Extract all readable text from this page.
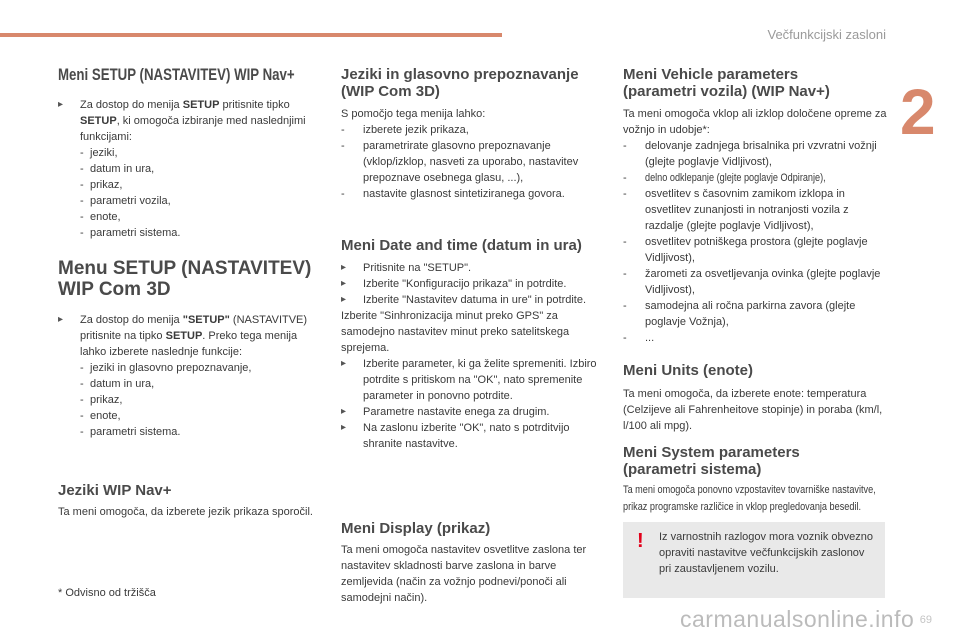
Večfunkcijski zasloni
2
Meni SETUP (NASTAVITEV) WIP Nav+
▸ Za dostop do menija SETUP pritisnite tipko SETUP, ki omogoča izbiranje med naslednjimi funkcijami:
- jeziki,
- datum in ura,
- prikaz,
- parametri vozila,
- enote,
- parametri sistema.
Menu SETUP (NASTAVITEV)
WIP Com 3D
▸ Za dostop do menija "SETUP" (NASTAVITVE) pritisnite na tipko SETUP. Preko tega menija lahko izberete naslednje funkcije:
- jeziki in glasovno prepoznavanje,
- datum in ura,
- prikaz,
- enote,
- parametri sistema.
Jeziki WIP Nav+

Ta meni omogoča, da izberete jezik prikaza sporočil.

* Odvisno od tržišča
Jeziki in glasovno prepoznavanje
(WIP Com 3D)

S pomočjo tega menija lahko:

- izberete jezik prikaza,
- parametrirate glasovno prepoznavanje (vklop/izklop, nasveti za uporabo, nastavitev prepoznave osebnega glasu, ...),
- nastavite glasnost sintetiziranega govora.
Meni Date and time (datum in ura)
▸ Pritisnite na "SETUP".
▸ Izberite "Konfiguracijo prikaza" in potrdite.
▸ Izberite "Nastavitev datuma in ure" in potrdite.

Izberite "Sinhronizacija minut preko GPS" za samodejno nastavitev minut preko satelitskega sprejema.

▸ Izberite parameter, ki ga želite spremeniti. Izbiro potrdite s pritiskom na "OK", nato spremenite parameter in ponovno potrdite.
▸ Parametre nastavite enega za drugim.
▸ Na zaslonu izberite "OK", nato s potrditvijo shranite nastavitve.
Meni Display (prikaz)

Ta meni omogoča nastavitev osvetlitve zaslona ter nastavitev skladnosti barve zaslona in barve zemljevida (način za vožnjo podnevi/ponoči ali samodejni način).

Meni Vehicle parameters
(parametri vozila) (WIP Nav+)

Ta meni omogoča vklop ali izklop določene opreme za vožnjo in udobje*:

- delovanje zadnjega brisalnika pri vzvratni vožnji (glejte poglavje Vidljivost),
- delno odklepanje (glejte poglavje Odpiranje),
- osvetlitev s časovnim zamikom izklopa in osvetlitev zunanjosti in notranjosti vozila z razdalje (glejte poglavje Vidljivost),
- osvetlitev potniškega prostora (glejte poglavje Vidljivost),
- žarometi za osvetljevanja ovinka (glejte poglavje Vidljivost),
- samodejna ali ročna parkirna zavora (glejte poglavje Vožnja),
- ...
Meni Units (enote)

Ta meni omogoča, da izberete enote: temperatura (Celzijeve ali Fahrenheitove stopinje) in poraba (km/l, l/100 ali mpg).

Meni System parameters
(parametri sistema)
Ta meni omogoča ponovno vzpostavitev tovarniške nastavitve,
prikaz programske različice in vklop pregledovanja besedil.
! Iz varnostnih razlogov mora voznik obvezno opraviti nastavitve večfunkcijskih zaslonov pri zaustavljenem vozilu.
carmanualsonline.info 69
